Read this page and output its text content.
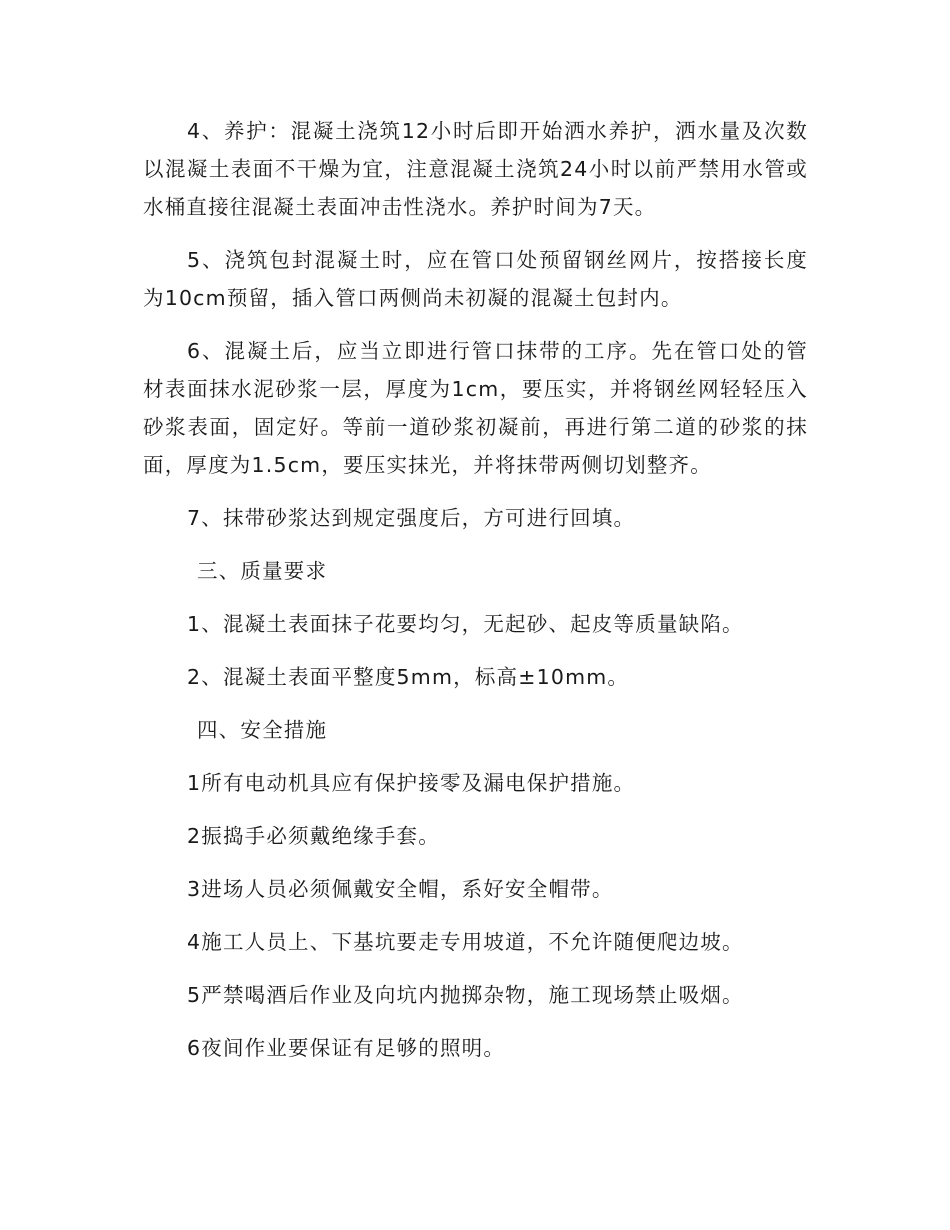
4、养护：混凝土浇筑12小时后即开始洒水养护，洒水量及次数以混凝土表面不干燥为宜，注意混凝土浇筑24小时以前严禁用水管或水桶直接往混凝土表面冲击性浇水。养护时间为7天。

5、浇筑包封混凝土时，应在管口处预留钢丝网片，按搭接长度为10cm预留，插入管口两侧尚未初凝的混凝土包封内。

6、混凝土后，应当立即进行管口抹带的工序。先在管口处的管材表面抹水泥砂浆一层，厚度为1cm，要压实，并将钢丝网轻轻压入砂浆表面，固定好。等前一道砂浆初凝前，再进行第二道的砂浆的抹面，厚度为1.5cm，要压实抹光，并将抹带两侧切划整齐。

7、抹带砂浆达到规定强度后，方可进行回填。

三、质量要求

1、混凝土表面抹子花要均匀，无起砂、起皮等质量缺陷。

2、混凝土表面平整度5mm，标高±10mm。

四、安全措施

1所有电动机具应有保护接零及漏电保护措施。

2振捣手必须戴绝缘手套。

3进场人员必须佩戴安全帽，系好安全帽带。

4施工人员上、下基坑要走专用坡道，不允许随便爬边坡。

5严禁喝酒后作业及向坑内抛掷杂物，施工现场禁止吸烟。

6夜间作业要保证有足够的照明。
